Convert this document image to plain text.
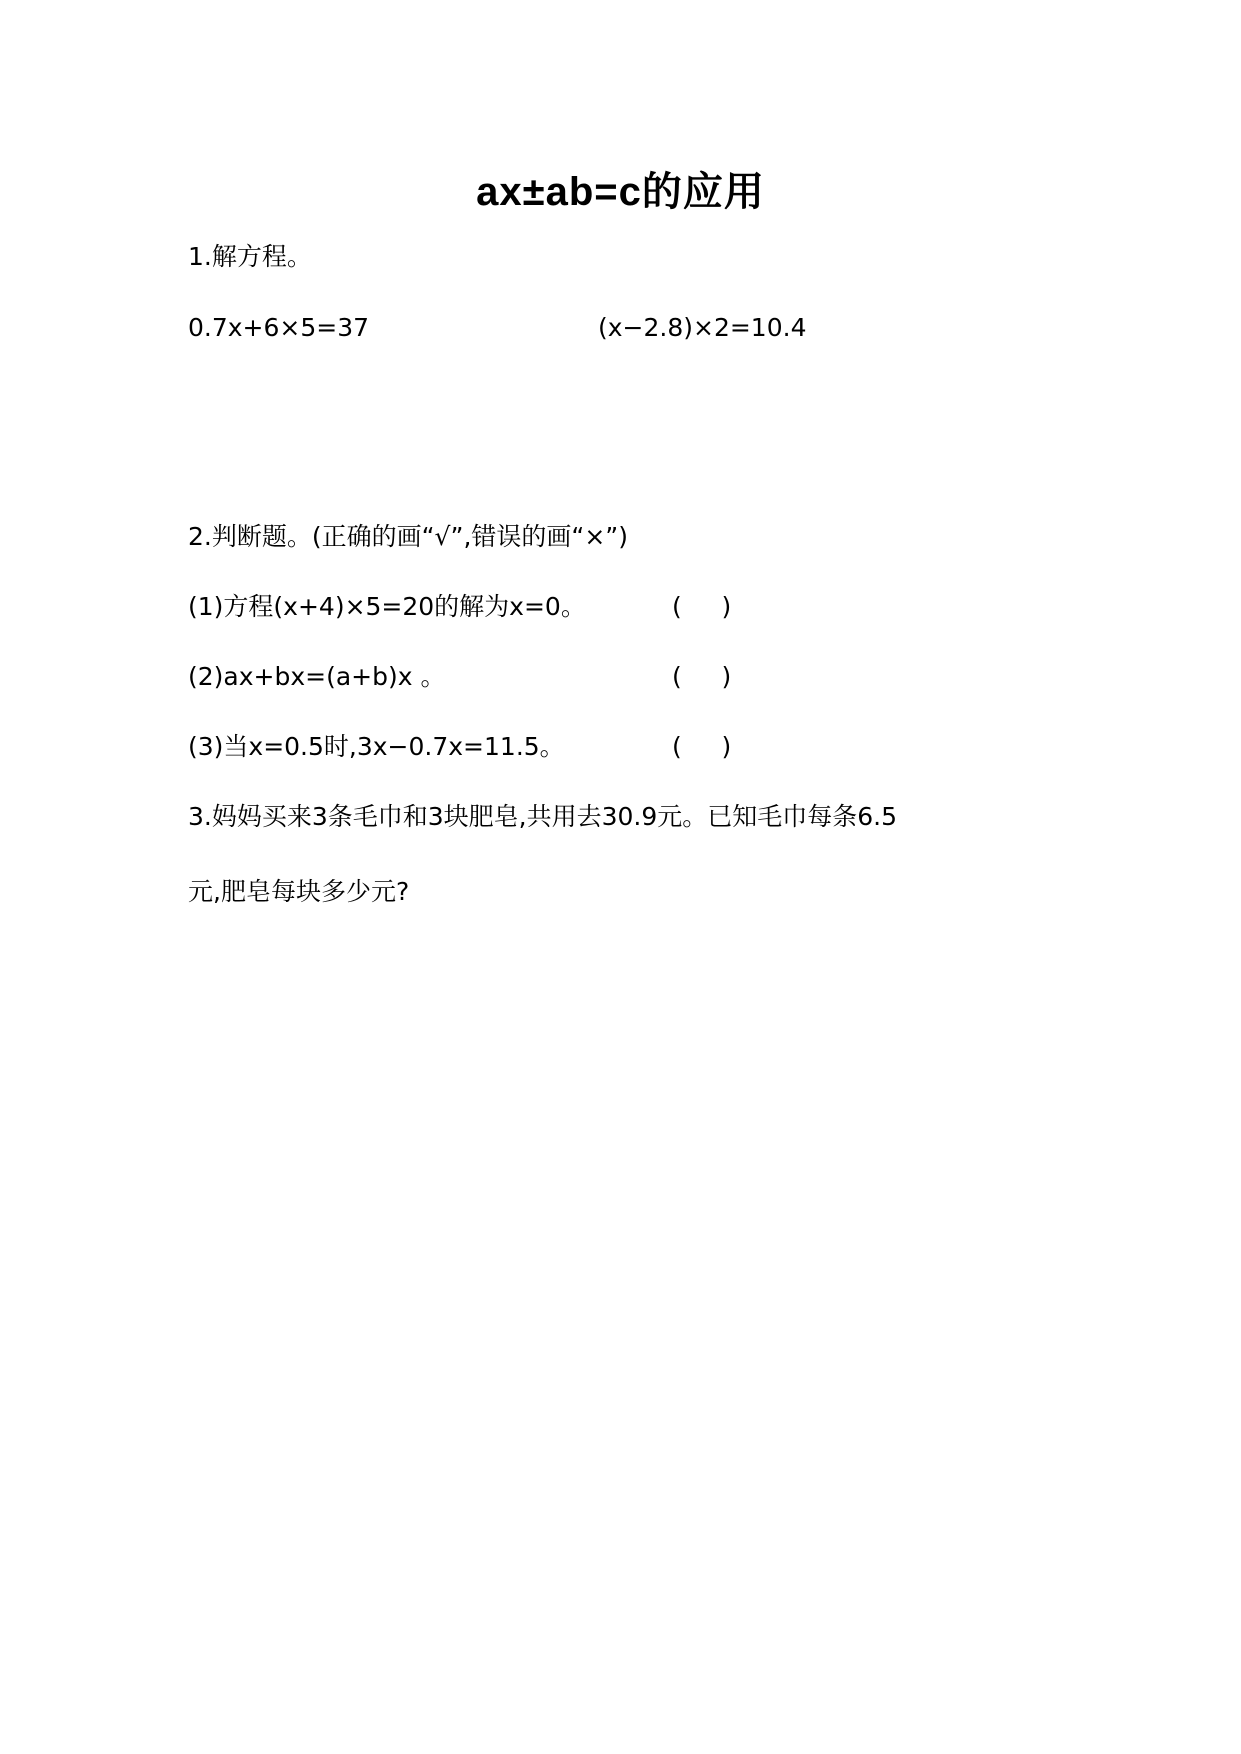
ax±ab=c的应用
1.解方程。
0.7x+6×5=37	(x−2.8)×2=10.4
2.判断题。(正确的画“√”,错误的画“×”)
(1)方程(x+4)×5=20的解为x=0。	(     )
(2)ax+bx=(a+b)x 。	(     )
(3)当x=0.5时,3x−0.7x=11.5。	(     )
3.妈妈买来3条毛巾和3块肥皂,共用去30.9元。已知毛巾每条6.5
元,肥皂每块多少元?
